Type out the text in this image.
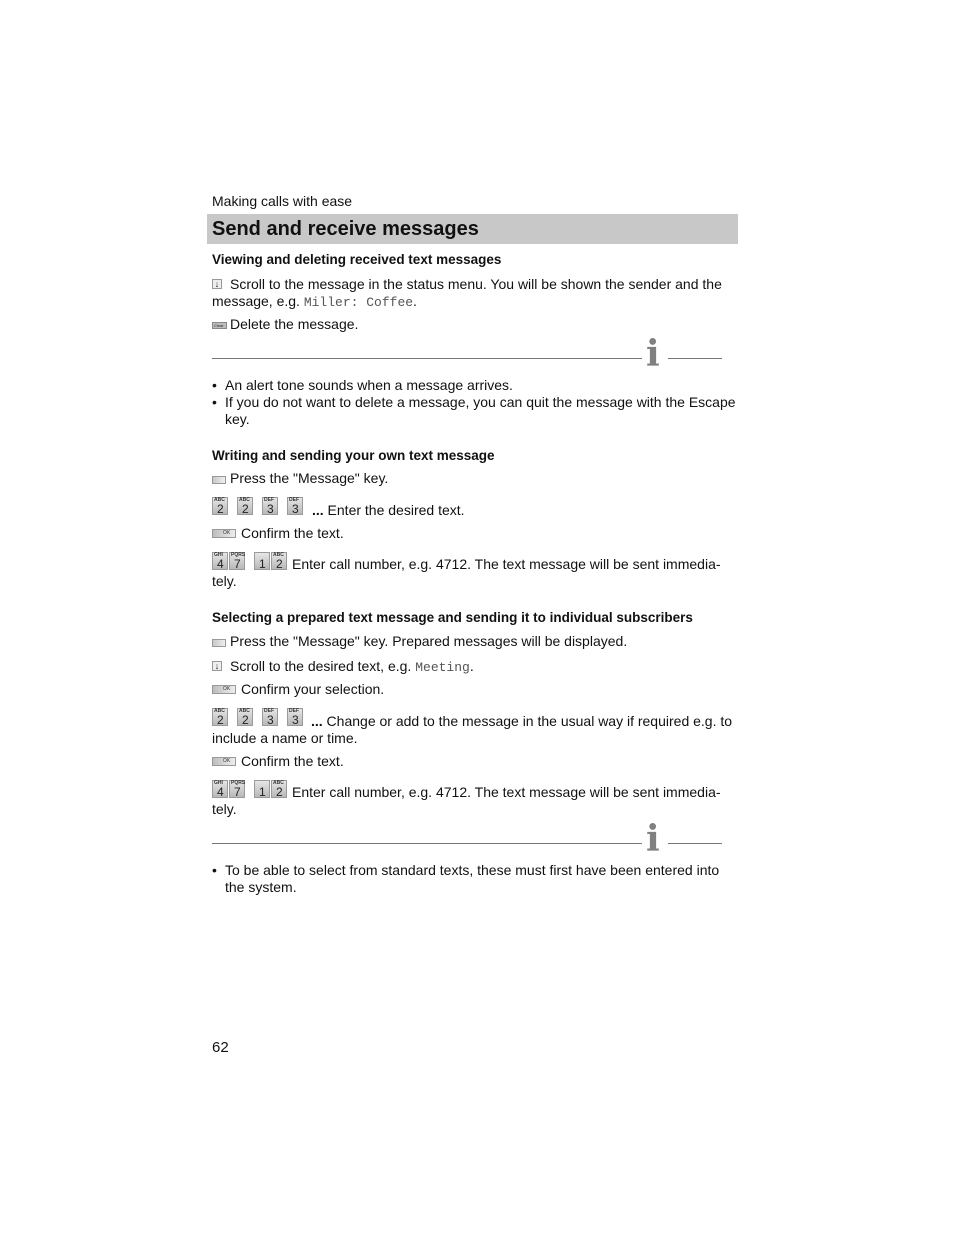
Making calls with ease
Send and receive messages
Viewing and deleting received text messages
↓ Scroll to the message in the status menu. You will be shown the sender and the
message, e.g. Miller: Coffee.
Clear Delete the message.
i
• An alert tone sounds when a message arrives.
• If you do not want to delete a message, you can quit the message with the Escape
key.
Writing and sending your own text message
Press the "Message" key.
ABC
2
ABC
2
DEF
3
DEF
3 ... Enter the desired text.
OK Confirm the text.
GHI
4
PQRS
7 1
ABC
2 Enter call number, e.g. 4712. The text message will be sent immedia-
tely.
Selecting a prepared text message and sending it to individual subscribers
Press the "Message" key. Prepared messages will be displayed.
↓ Scroll to the desired text, e.g. Meeting.
OK Confirm your selection.
ABC
2
ABC
2
DEF
3
DEF
3 ... Change or add to the message in the usual way if required e.g. to
include a name or time.
OK Confirm the text.
GHI
4
PQRS
7 1
ABC
2 Enter call number, e.g. 4712. The text message will be sent immedia-
tely.
i
• To be able to select from standard texts, these must first have been entered into
the system.
62
